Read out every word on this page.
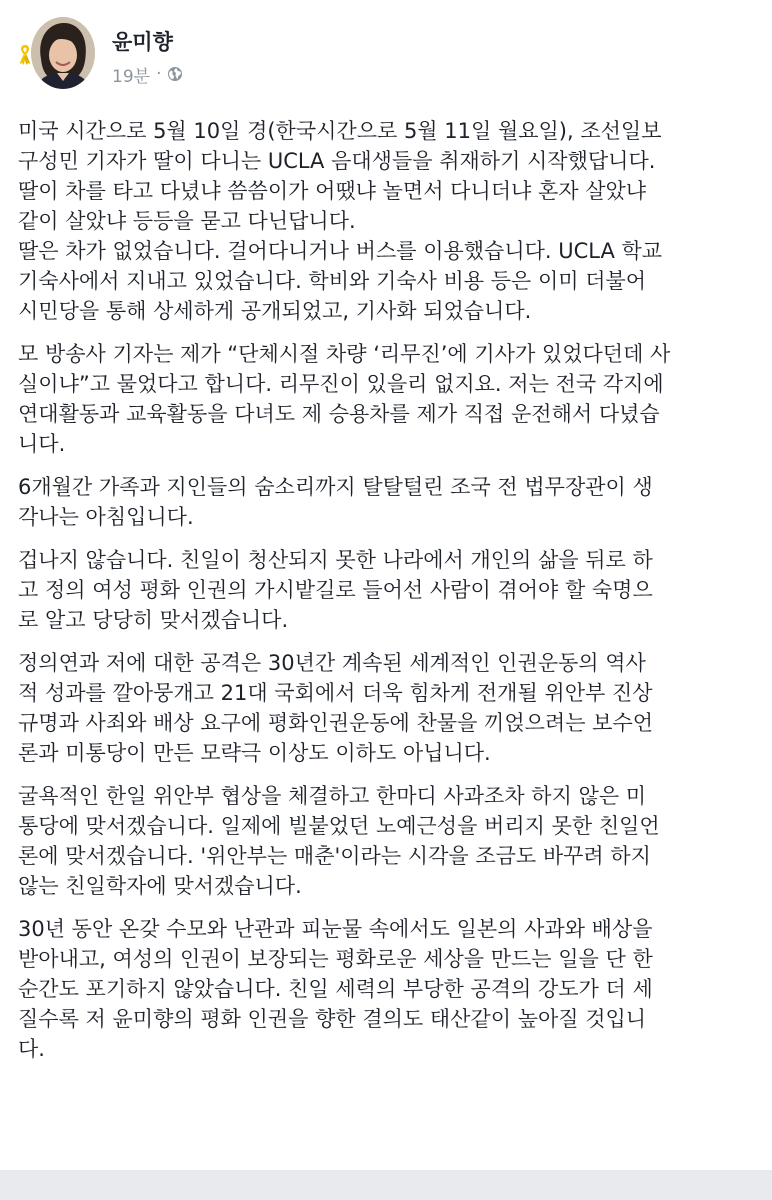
윤미향
19분 ·

미국 시간으로 5월 10일 경(한국시간으로 5월 11일 월요일), 조선일보
구성민 기자가 딸이 다니는 UCLA 음대생들을 취재하기 시작했답니다.
딸이 차를 타고 다녔냐 씀씀이가 어땠냐 놀면서 다니더냐 혼자 살았냐
같이 살았냐 등등을 묻고 다닌답니다.
딸은 차가 없었습니다. 걸어다니거나 버스를 이용했습니다. UCLA 학교
기숙사에서 지내고 있었습니다. 학비와 기숙사 비용 등은 이미 더불어
시민당을 통해 상세하게 공개되었고, 기사화 되었습니다.

모 방송사 기자는 제가 “단체시절 차량 ‘리무진’에 기사가 있었다던데 사
실이냐”고 물었다고 합니다. 리무진이 있을리 없지요. 저는 전국 각지에
연대활동과 교육활동을 다녀도 제 승용차를 제가 직접 운전해서 다녔습
니다.

6개월간 가족과 지인들의 숨소리까지 탈탈털린 조국 전 법무장관이 생
각나는 아침입니다.

겁나지 않습니다. 친일이 청산되지 못한 나라에서 개인의 삶을 뒤로 하
고 정의 여성 평화 인권의 가시밭길로 들어선 사람이 겪어야 할 숙명으
로 알고 당당히 맞서겠습니다.

정의연과 저에 대한 공격은 30년간 계속된 세계적인 인권운동의 역사
적 성과를 깔아뭉개고 21대 국회에서 더욱 힘차게 전개될 위안부 진상
규명과 사죄와 배상 요구에 평화인권운동에 찬물을 끼얹으려는 보수언
론과 미통당이 만든 모략극 이상도 이하도 아닙니다.

굴욕적인 한일 위안부 협상을 체결하고 한마디 사과조차 하지 않은 미
통당에 맞서겠습니다. 일제에 빌붙었던 노예근성을 버리지 못한 친일언
론에 맞서겠습니다. '위안부는 매춘'이라는 시각을 조금도 바꾸려 하지
않는 친일학자에 맞서겠습니다.

30년 동안 온갖 수모와 난관과 피눈물 속에서도 일본의 사과와 배상을
받아내고, 여성의 인권이 보장되는 평화로운 세상을 만드는 일을 단 한
순간도 포기하지 않았습니다. 친일 세력의 부당한 공격의 강도가 더 세
질수록 저 윤미향의 평화 인권을 향한 결의도 태산같이 높아질 것입니
다.
